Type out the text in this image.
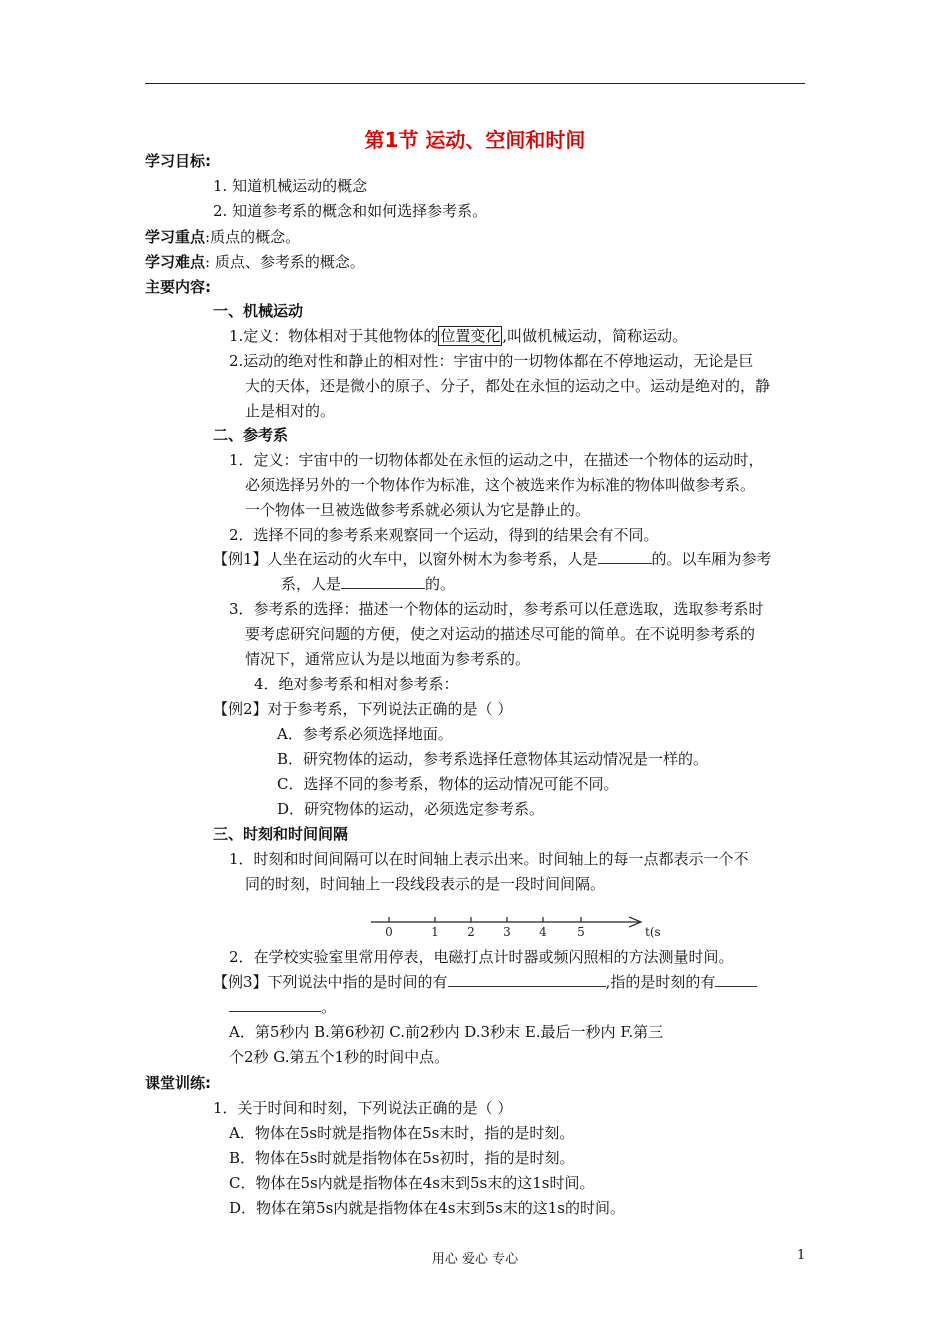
第1节 运动、空间和时间
学习目标:
1. 知道机械运动的概念
2. 知道参考系的概念和如何选择参考系。
学习重点:质点的概念。
学习难点: 质点、参考系的概念。
主要内容:
一、机械运动
1.定义：物体相对于其他物体的 位置变化 ,叫做机械运动，简称运动。
2.运动的绝对性和静止的相对性：宇宙中的一切物体都在不停地运动，无论是巨
大的天体，还是微小的原子、分子，都处在永恒的运动之中。运动是绝对的，静
止是相对的。
二、参考系
1．定义：宇宙中的一切物体都处在永恒的运动之中，在描述一个物体的运动时，
必须选择另外的一个物体作为标准，这个被选来作为标准的物体叫做参考系。
一个物体一旦被选做参考系就必须认为它是静止的。
2．选择不同的参考系来观察同一个运动，得到的结果会有不同。
【例1】人坐在运动的火车中，以窗外树木为参考系，人是	的。以车厢为参考
系，人是	的。
3．参考系的选择：描述一个物体的运动时，参考系可以任意选取，选取参考系时
要考虑研究问题的方便，使之对运动的描述尽可能的简单。在不说明参考系的
情况下，通常应认为是以地面为参考系的。
4．绝对参考系和相对参考系：
【例2】对于参考系，下列说法正确的是（ ）
A．参考系必须选择地面。
B．研究物体的运动，参考系选择任意物体其运动情况是一样的。
C．选择不同的参考系，物体的运动情况可能不同。
D．研究物体的运动，必须选定参考系。
三、时刻和时间间隔
1．时刻和时间间隔可以在时间轴上表示出来。时间轴上的每一点都表示一个不
同的时刻，时间轴上一段线段表示的是一段时间间隔。
0	1 2 3 4	5	t(s
2．在学校实验室里常用停表，电磁打点计时器或频闪照相的方法测量时间。
【例3】下列说法中指的是时间的有	,指的是时刻的有
。
A．第5秒内 B.第6秒初 C.前2秒内 D.3秒末 E.最后一秒内 F.第三
个2秒 G.第五个1秒的时间中点。
课堂训练:
1．关于时间和时刻，下列说法正确的是（ ）
A．物体在5s时就是指物体在5s末时，指的是时刻。
B．物体在5s时就是指物体在5s初时，指的是时刻。
C．物体在5s内就是指物体在4s末到5s末的这1s时间。
D．物体在第5s内就是指物体在4s末到5s末的这1s的时间。
用心 爱心 专心	1
